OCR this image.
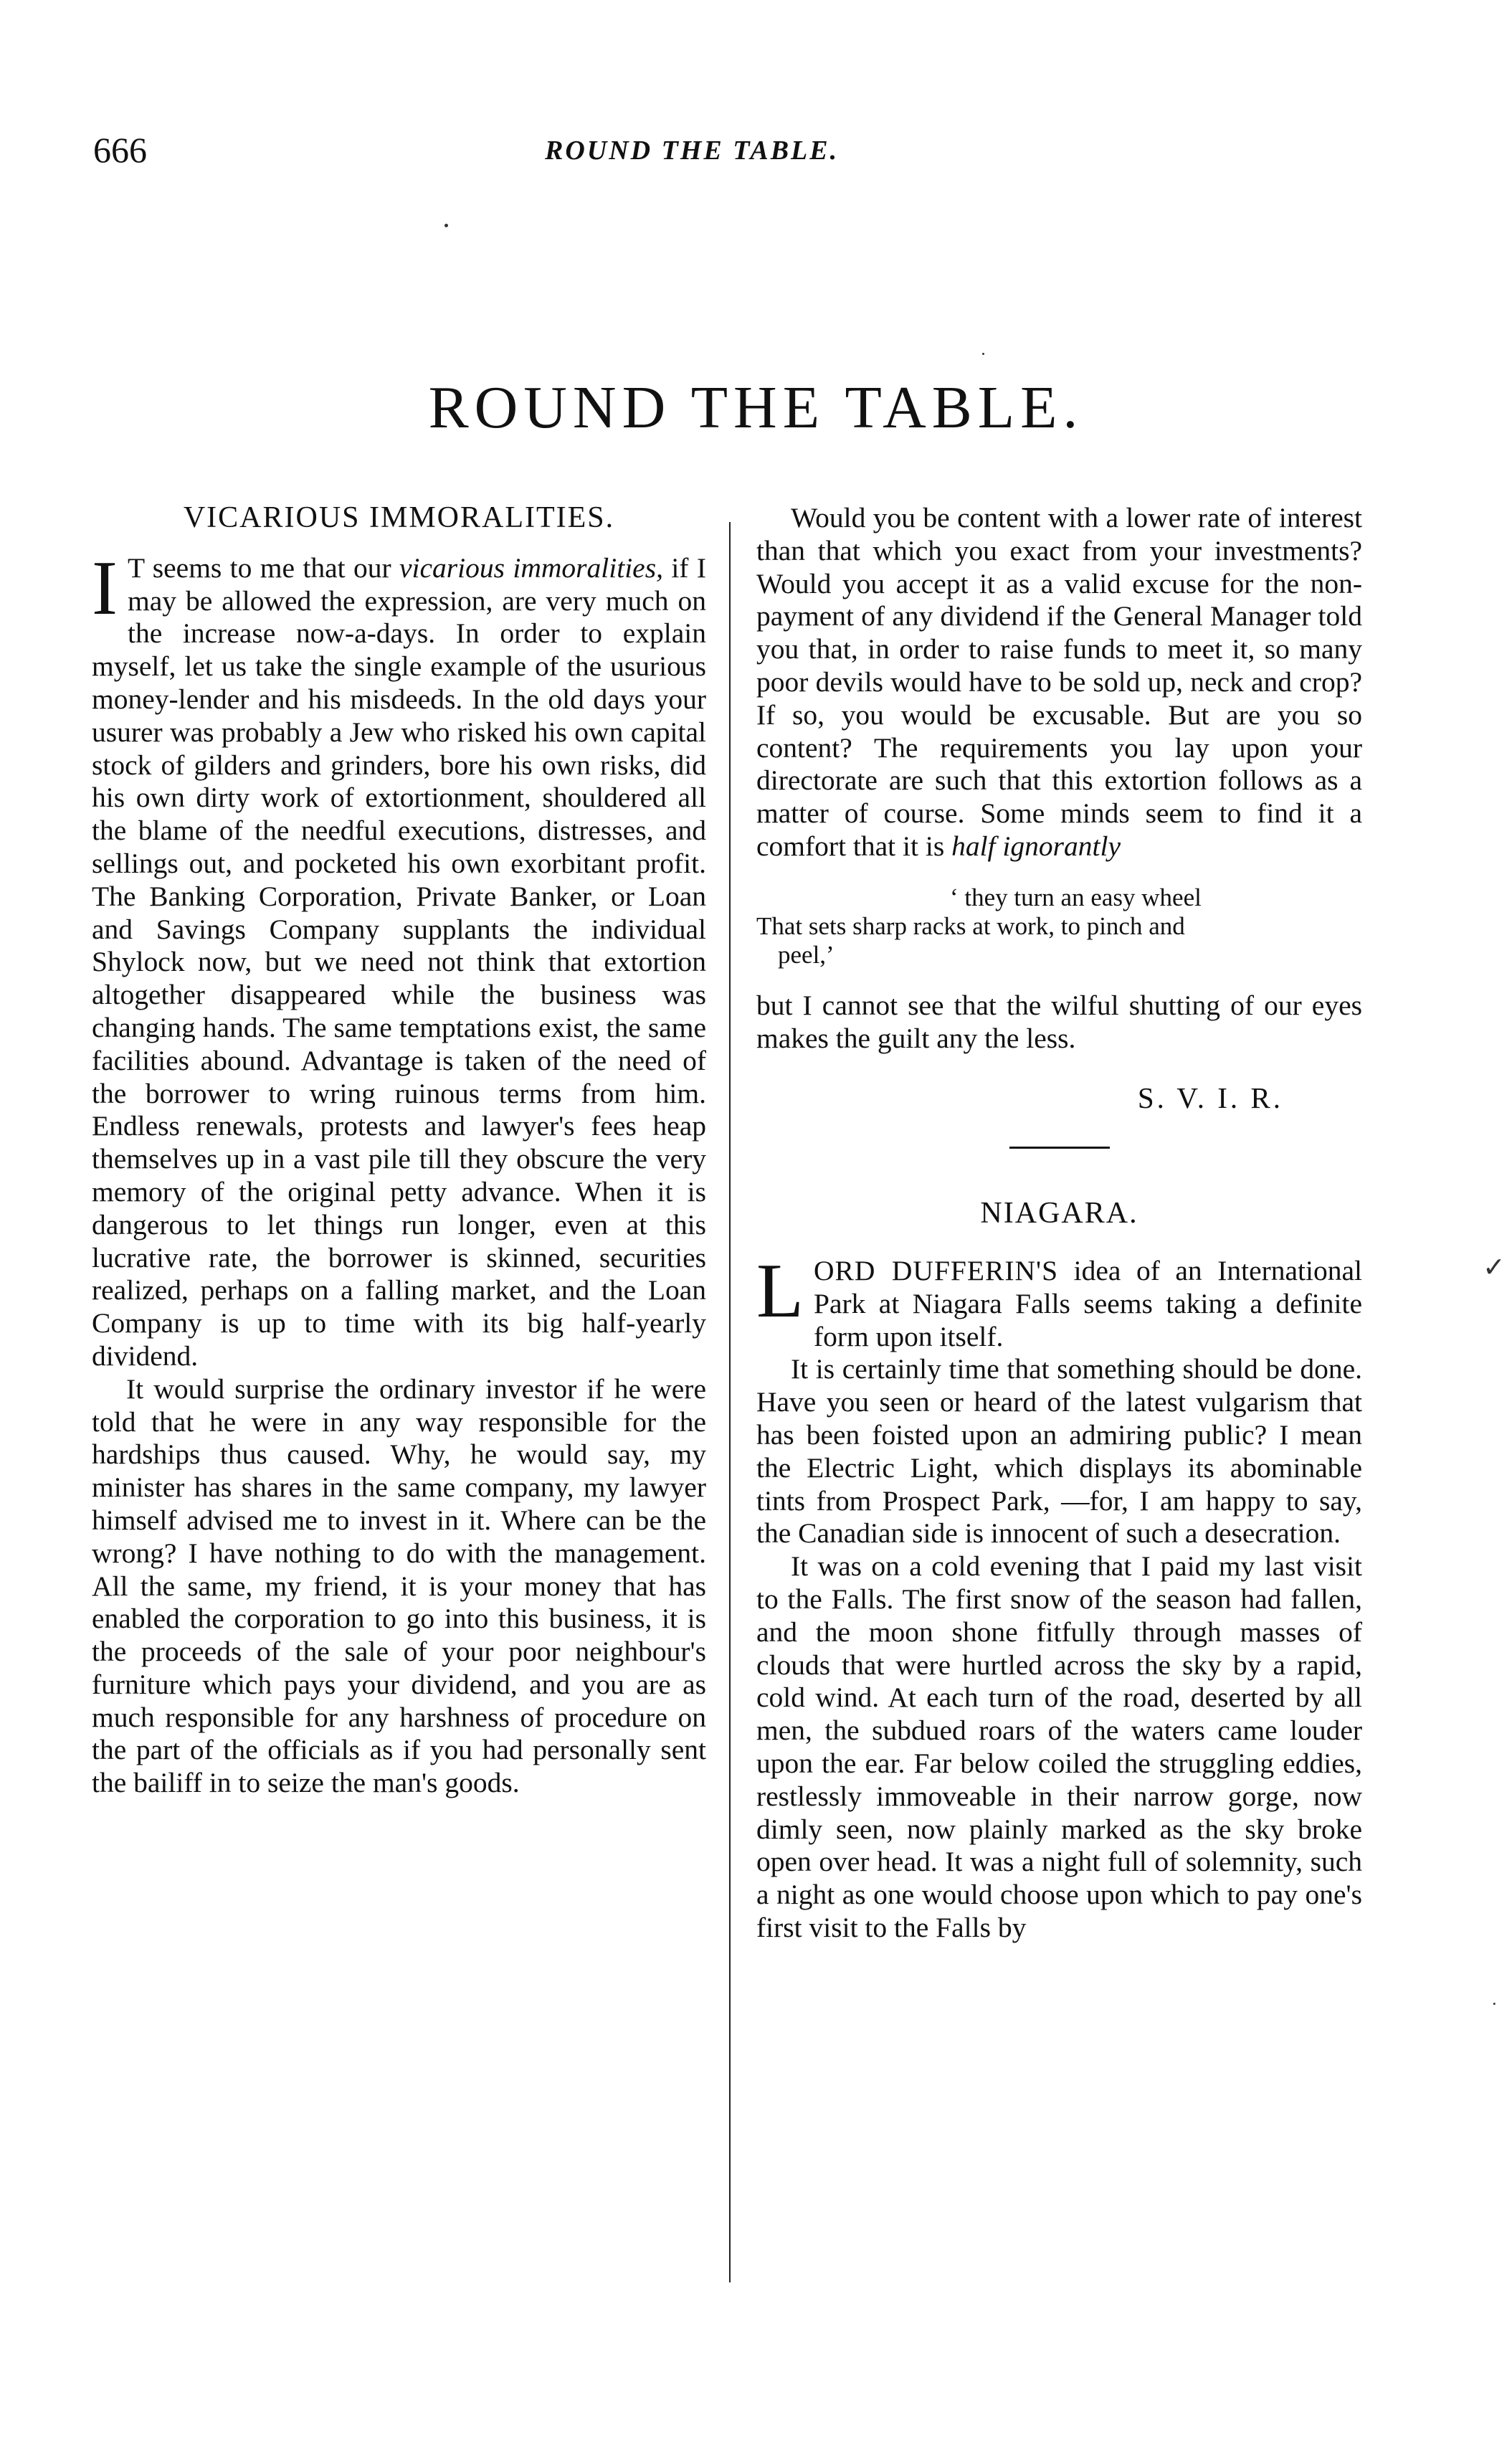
666	ROUND THE TABLE.
ROUND THE TABLE.
VICARIOUS IMMORALITIES.

I T seems to me that our vicarious immoralities, if I may be allowed the expression, are very much on the increase now-a-days. In order to explain myself, let us take the single example of the usurious money-lender and his misdeeds. In the old days your usurer was probably a Jew who risked his own capital stock of gilders and grinders, bore his own risks, did his own dirty work of extortionment, shouldered all the blame of the needful executions, distresses, and sellings out, and pocketed his own exorbitant profit. The Banking Corporation, Private Banker, or Loan and Savings Company supplants the individual Shylock now, but we need not think that extortion altogether disappeared while the business was changing hands. The same temptations exist, the same facilities abound. Advantage is taken of the need of the borrower to wring ruinous terms from him. Endless renewals, protests and lawyer's fees heap themselves up in a vast pile till they obscure the very memory of the original petty advance. When it is dangerous to let things run longer, even at this lucrative rate, the borrower is skinned, securities realized, perhaps on a falling market, and the Loan Company is up to time with its big half-yearly dividend.

It would surprise the ordinary investor if he were told that he were in any way responsible for the hardships thus caused. Why, he would say, my minister has shares in the same company, my lawyer himself advised me to invest in it. Where can be the wrong? I have nothing to do with the management. All the same, my friend, it is your money that has enabled the corporation to go into this business, it is the proceeds of the sale of your poor neighbour's furniture which pays your dividend, and you are as much responsible for any harshness of procedure on the part of the officials as if you had personally sent the bailiff in to seize the man's goods.

Would you be content with a lower rate of interest than that which you exact from your investments? Would you accept it as a valid excuse for the non-payment of any dividend if the General Manager told you that, in order to raise funds to meet it, so many poor devils would have to be sold up, neck and crop? If so, you would be excusable. But are you so content? The requirements you lay upon your directorate are such that this extortion follows as a matter of course. Some minds seem to find it a comfort that it is half ignorantly

‘ they turn an easy wheel
That sets sharp racks at work, to pinch and
peel,’

but I cannot see that the wilful shutting of our eyes makes the guilt any the less.

S. V. I. R.
NIAGARA.

LORD DUFFERIN'S idea of an International Park at Niagara Falls seems taking a definite form upon itself.

It is certainly time that something should be done. Have you seen or heard of the latest vulgarism that has been foisted upon an admiring public? I mean the Electric Light, which displays its abominable tints from Prospect Park, —for, I am happy to say, the Canadian side is innocent of such a desecration.

It was on a cold evening that I paid my last visit to the Falls. The first snow of the season had fallen, and the moon shone fitfully through masses of clouds that were hurtled across the sky by a rapid, cold wind. At each turn of the road, deserted by all men, the subdued roars of the waters came louder upon the ear. Far below coiled the struggling eddies, restlessly immoveable in their narrow gorge, now dimly seen, now plainly marked as the sky broke open over head. It was a night full of solemnity, such a night as one would choose upon which to pay one's first visit to the Falls by

✓
·
